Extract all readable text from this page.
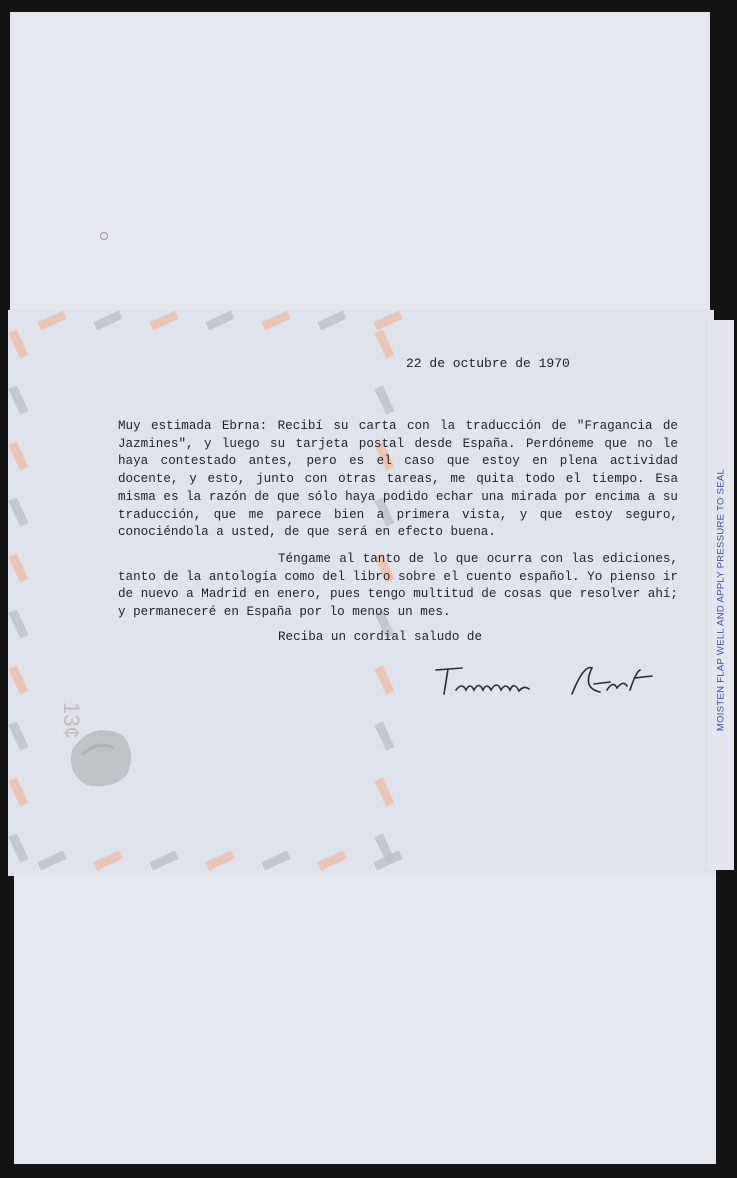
MOISTEN FLAP WELL AND APPLY PRESSURE TO SEAL
13¢
22 de octubre de 1970

Muy estimada Ebrna: Recibí su carta con la traducción de "Fragancia de Jazmines", y luego su tarjeta postal desde España. Perdóneme que no le haya contestado antes, pero es el caso que estoy en plena actividad docente, y esto, junto con otras tareas, me quita todo el tiempo. Esa misma es la razón de que sólo haya podido echar una mirada por encima a su traducción, que me parece bien a primera vista, y que estoy seguro, conociéndola a usted, de que será en efecto buena.

Téngame al tanto de lo que ocurra con las ediciones, tanto de la antología como del libro sobre el cuento español. Yo pienso ir de nuevo a Madrid en enero, pues tengo multitud de cosas que resolver ahí; y permaneceré en España por lo menos un mes.

Reciba un cordial saludo de
